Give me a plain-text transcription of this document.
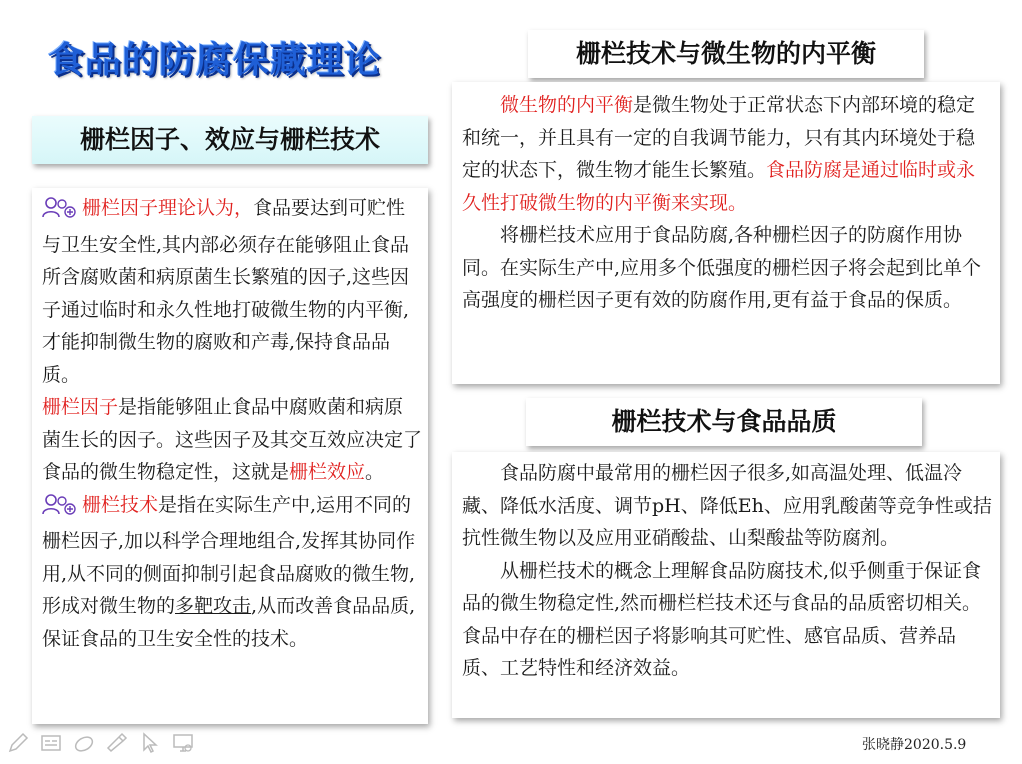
食品的防腐保藏理论
栅栏因子、效应与栅栏技术

栅栏因子理论认为，食品要达到可贮性与卫生安全性,其内部必须存在能够阻止食品所含腐败菌和病原菌生长繁殖的因子,这些因子通过临时和永久性地打破微生物的内平衡,才能抑制微生物的腐败和产毒,保持食品品质。

栅栏因子是指能够阻止食品中腐败菌和病原菌生长的因子。这些因子及其交互效应决定了食品的微生物稳定性，这就是栅栏效应。

栅栏技术是指在实际生产中,运用不同的栅栏因子,加以科学合理地组合,发挥其协同作用,从不同的侧面抑制引起食品腐败的微生物,形成对微生物的多靶攻击,从而改善食品品质,保证食品的卫生安全性的技术。

栅栏技术与微生物的内平衡

微生物的内平衡是微生物处于正常状态下内部环境的稳定和统一，并且具有一定的自我调节能力，只有其内环境处于稳定的状态下，微生物才能生长繁殖。食品防腐是通过临时或永久性打破微生物的内平衡来实现。

将栅栏技术应用于食品防腐,各种栅栏因子的防腐作用协同。在实际生产中,应用多个低强度的栅栏因子将会起到比单个高强度的栅栏因子更有效的防腐作用,更有益于食品的保质。

栅栏技术与食品品质

食品防腐中最常用的栅栏因子很多,如高温处理、低温冷藏、降低水活度、调节pH、降低Eh、应用乳酸菌等竞争性或拮抗性微生物以及应用亚硝酸盐、山梨酸盐等防腐剂。

从栅栏技术的概念上理解食品防腐技术,似乎侧重于保证食品的微生物稳定性,然而栅栏栏技术还与食品的品质密切相关。食品中存在的栅栏因子将影响其可贮性、感官品质、营养品质、工艺特性和经济效益。

张晓静2020.5.9
